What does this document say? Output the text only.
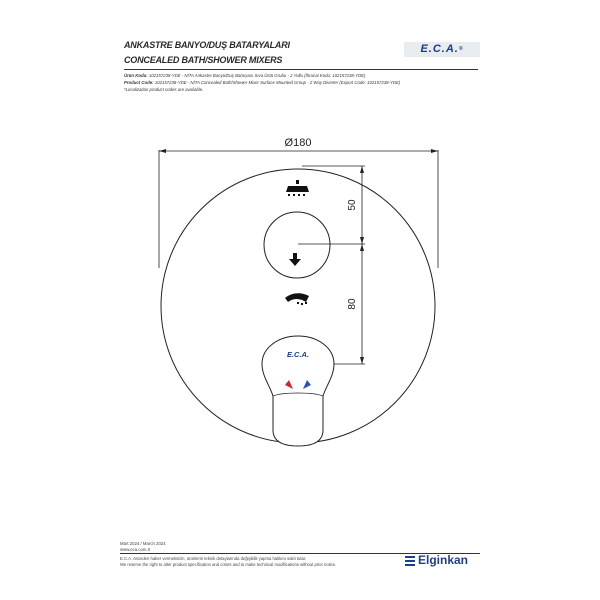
ANKASTRE BANYO/DUŞ BATARYALARI
CONCEALED BATH/SHOWER MIXERS
E.C.A.®
Ürün Kodu: 102157238-YDE - NİTA Ankastre Banyo/Duş Bataryası Sıva Üstü Grubu - 2 Yollu (İhracat Kodu: 102157238-YDE)
Product Code: 102157238-YDE - NİTA Concealed Bath/Shower Mixer Surface Mounted Group - 2 Way Diverter (Export Code: 102157238-YDE)
*Localization product codes are available.
Ø180
50
80
E.C.A.
Mart 2024 / March 2024
www.eca.com.tr
E.C.A. önceden haber vermeksizin, ürünlerin teknik detaylarında değişiklik yapma hakkını saklı tutar.
We reserve the right to alter product specification and colors and to make technical modifications without prior notice.	Elginkan
